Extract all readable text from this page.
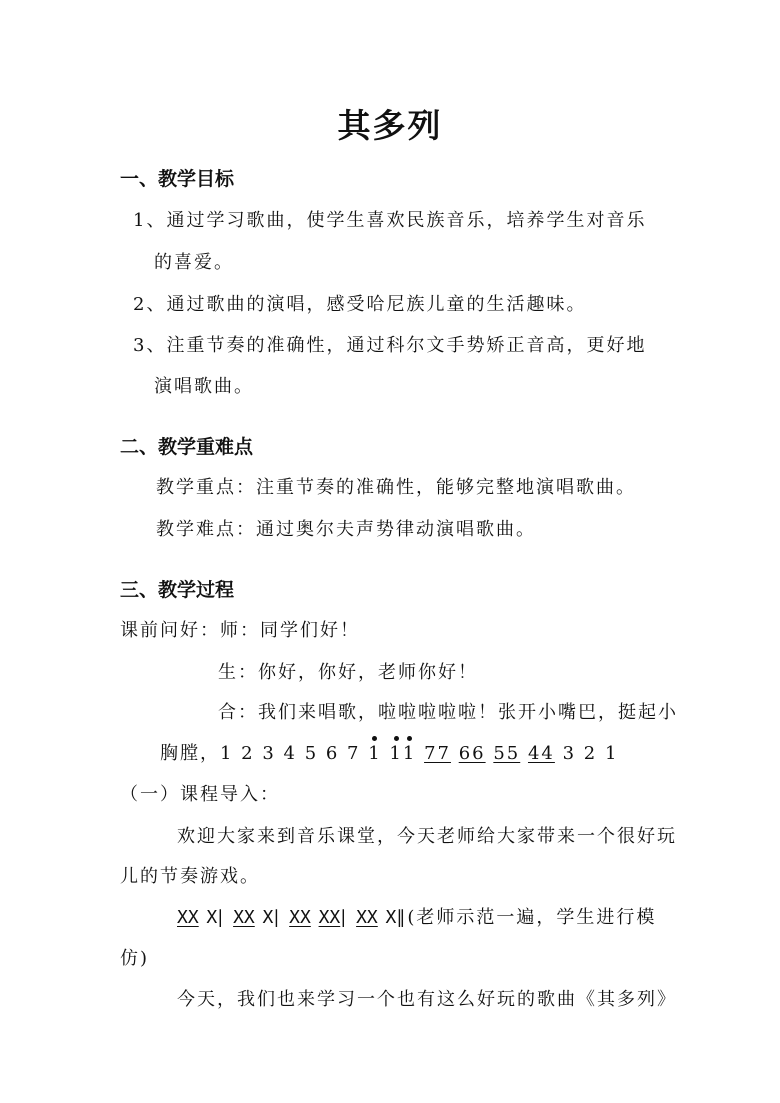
其多列
一、教学目标
1、通过学习歌曲，使学生喜欢民族音乐，培养学生对音乐
的喜爱。
2、通过歌曲的演唱，感受哈尼族儿童的生活趣味。
3、注重节奏的准确性，通过科尔文手势矫正音高，更好地
演唱歌曲。
二、教学重难点
教学重点：注重节奏的准确性，能够完整地演唱歌曲。
教学难点：通过奥尔夫声势律动演唱歌曲。
三、教学过程
课前问好：师：同学们好！
生：你好，你好，老师你好！
合：我们来唱歌，啦啦啦啦啦！张开小嘴巴，挺起小
胸膛，1 2 3 4 5 6 7 1 11 77 66 55 44 3 2 1
（一）课程导入：
欢迎大家来到音乐课堂，今天老师给大家带来一个很好玩
儿的节奏游戏。
XX X| XX X| XX XX| XX X‖(老师示范一遍，学生进行模
仿)
今天，我们也来学习一个也有这么好玩的歌曲《其多列》
